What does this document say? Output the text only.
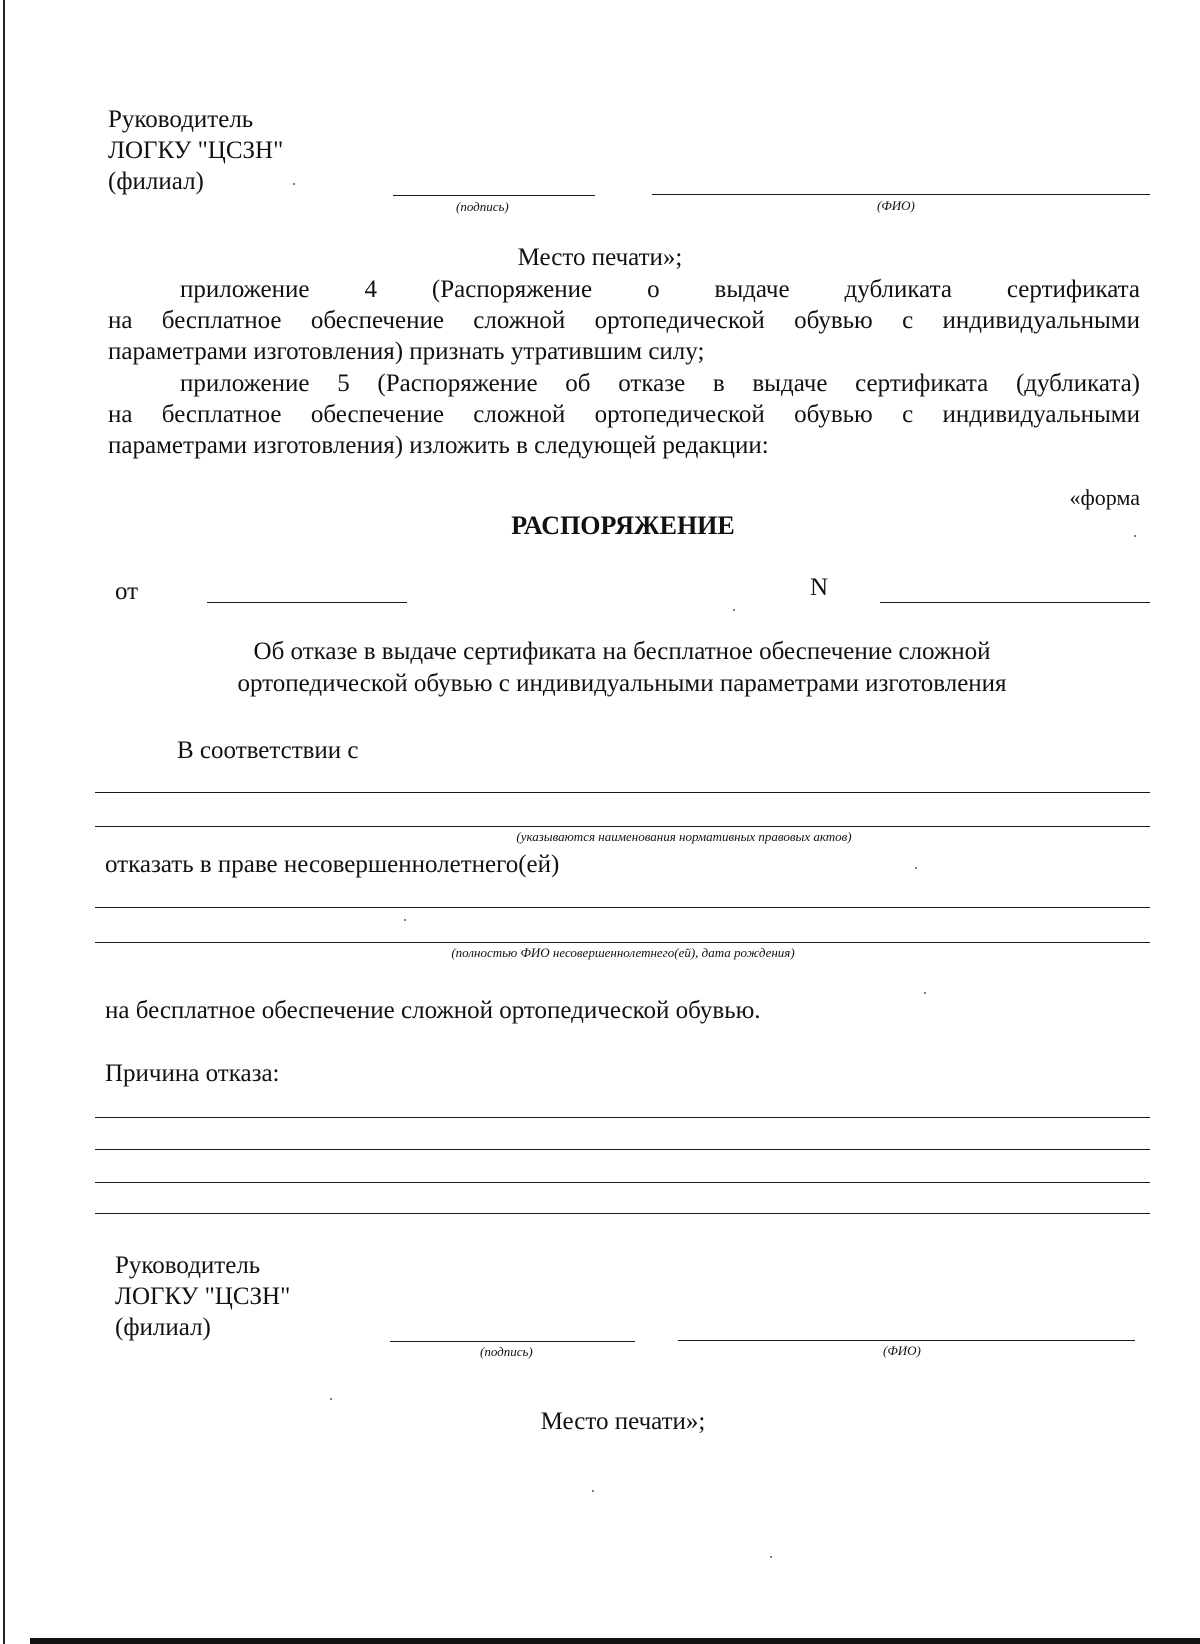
Руководитель
ЛОГКУ "ЦСЗН"
(филиал)
(подпись)	(ФИО)
Место печати»;
приложение 4 (Распоряжение о выдаче дубликата сертификата
на бесплатное обеспечение сложной ортопедической обувью с индивидуальными
параметрами изготовления) признать утратившим силу;
приложение 5 (Распоряжение об отказе в выдаче сертификата (дубликата)
на бесплатное обеспечение сложной ортопедической обувью с индивидуальными
параметрами изготовления) изложить в следующей редакции:
«форма
РАСПОРЯЖЕНИЕ
от	N
Об отказе в выдаче сертификата на бесплатное обеспечение сложной
ортопедической обувью с индивидуальными параметрами изготовления
В соответствии с
(указываются наименования нормативных правовых актов)
отказать в праве несовершеннолетнего(ей)
(полностью ФИО несовершеннолетнего(ей), дата рождения)
на бесплатное обеспечение сложной ортопедической обувью.
Причина отказа:
Руководитель
ЛОГКУ "ЦСЗН"
(филиал)
(подпись)	(ФИО)
Место печати»;
